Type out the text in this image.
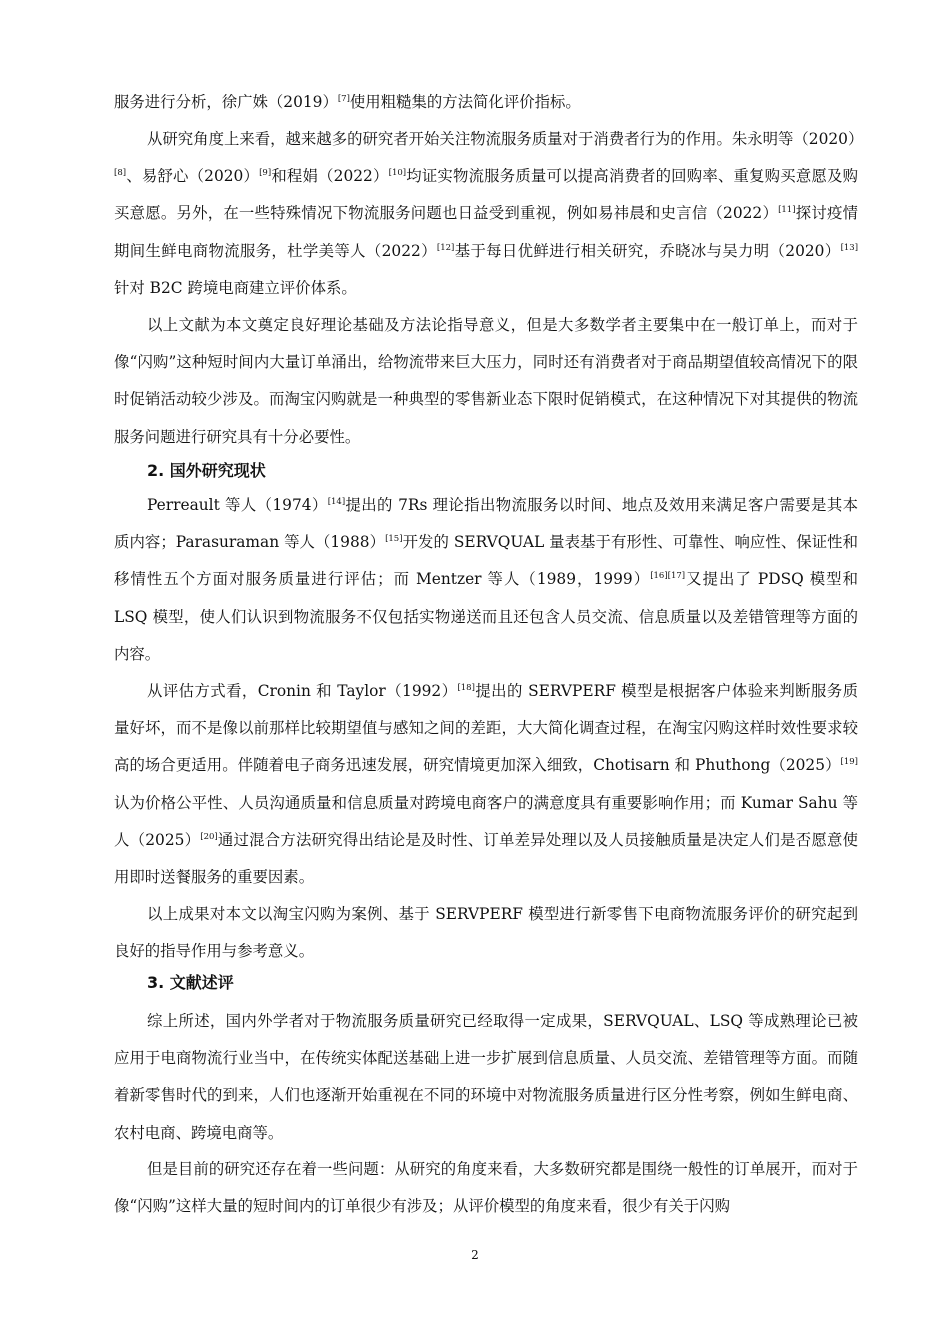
服务进行分析，徐广姝（2019）[7]使用粗糙集的方法简化评价指标。

从研究角度上来看，越来越多的研究者开始关注物流服务质量对于消费者行为的作用。朱永明等（2020）[8]、易舒心（2020）[9]和程娟（2022）[10]均证实物流服务质量可以提高消费者的回购率、重复购买意愿及购买意愿。另外，在一些特殊情况下物流服务问题也日益受到重视，例如易祎晨和史言信（2022）[11]探讨疫情期间生鲜电商物流服务，杜学美等人（2022）[12]基于每日优鲜进行相关研究，乔晓冰与吴力明（2020）[13]针对 B2C 跨境电商建立评价体系。

以上文献为本文奠定良好理论基础及方法论指导意义，但是大多数学者主要集中在一般订单上，而对于像“闪购”这种短时间内大量订单涌出，给物流带来巨大压力，同时还有消费者对于商品期望值较高情况下的限时促销活动较少涉及。而淘宝闪购就是一种典型的零售新业态下限时促销模式，在这种情况下对其提供的物流服务问题进行研究具有十分必要性。

2. 国外研究现状

Perreault 等人（1974）[14]提出的 7Rs 理论指出物流服务以时间、地点及效用来满足客户需要是其本质内容；Parasuraman 等人（1988）[15]开发的 SERVQUAL 量表基于有形性、可靠性、响应性、保证性和移情性五个方面对服务质量进行评估；而 Mentzer 等人（1989，1999）[16][17]又提出了 PDSQ 模型和 LSQ 模型，使人们认识到物流服务不仅包括实物递送而且还包含人员交流、信息质量以及差错管理等方面的内容。

从评估方式看，Cronin 和 Taylor（1992）[18]提出的 SERVPERF 模型是根据客户体验来判断服务质量好坏，而不是像以前那样比较期望值与感知之间的差距，大大简化调查过程，在淘宝闪购这样时效性要求较高的场合更适用。伴随着电子商务迅速发展，研究情境更加深入细致，Chotisarn 和 Phuthong（2025）[19]认为价格公平性、人员沟通质量和信息质量对跨境电商客户的满意度具有重要影响作用；而 Kumar Sahu 等人（2025）[20]通过混合方法研究得出结论是及时性、订单差异处理以及人员接触质量是决定人们是否愿意使用即时送餐服务的重要因素。

以上成果对本文以淘宝闪购为案例、基于 SERVPERF 模型进行新零售下电商物流服务评价的研究起到良好的指导作用与参考意义。

3. 文献述评

综上所述，国内外学者对于物流服务质量研究已经取得一定成果，SERVQUAL、LSQ 等成熟理论已被应用于电商物流行业当中，在传统实体配送基础上进一步扩展到信息质量、人员交流、差错管理等方面。而随着新零售时代的到来，人们也逐渐开始重视在不同的环境中对物流服务质量进行区分性考察，例如生鲜电商、农村电商、跨境电商等。

但是目前的研究还存在着一些问题：从研究的角度来看，大多数研究都是围绕一般性的订单展开，而对于像“闪购”这样大量的短时间内的订单很少有涉及；从评价模型的角度来看，很少有关于闪购

2
